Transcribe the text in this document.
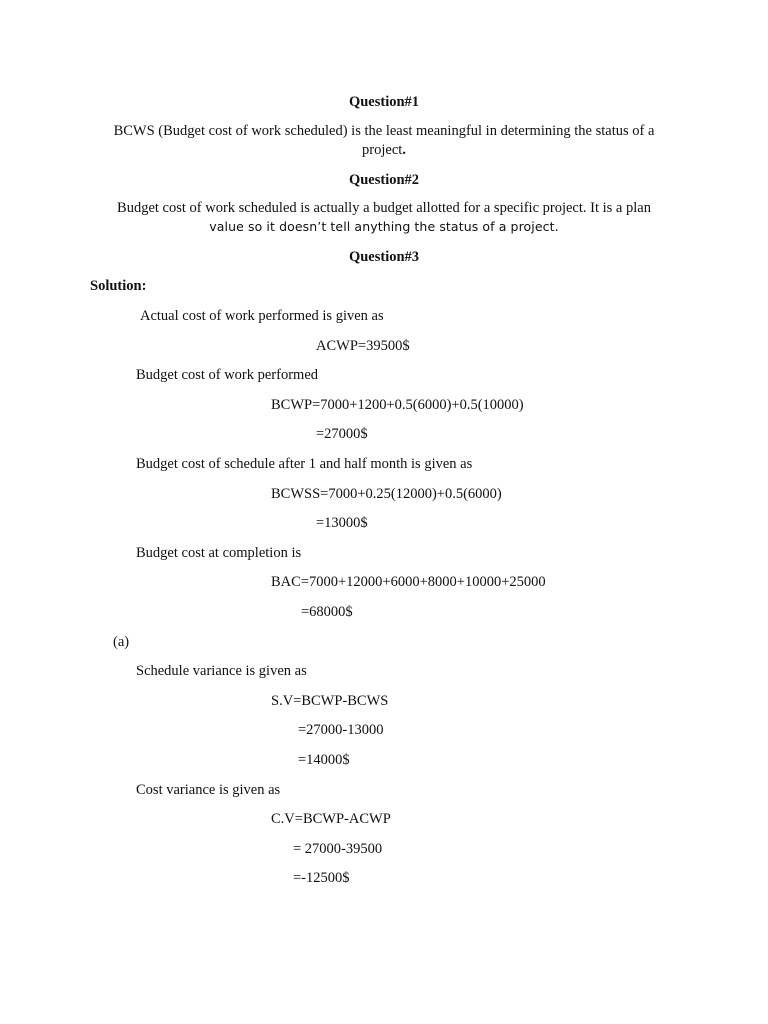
Question#1
BCWS (Budget cost of work scheduled) is the least meaningful in determining the status of a
project.
Question#2
Budget cost of work scheduled is actually a budget allotted for a specific project. It is a plan
value so it doesn’t tell anything the status of a project.
Question#3
Solution:
Actual cost of work performed is given as
ACWP=39500$
Budget cost of work performed
BCWP=7000+1200+0.5(6000)+0.5(10000)
=27000$
Budget cost of schedule after 1 and half month is given as
BCWSS=7000+0.25(12000)+0.5(6000)
=13000$
Budget cost at completion is
BAC=7000+12000+6000+8000+10000+25000
=68000$
(a)
Schedule variance is given as
S.V=BCWP-BCWS
=27000-13000
=14000$
Cost variance is given as
C.V=BCWP-ACWP
= 27000-39500
=-12500$
